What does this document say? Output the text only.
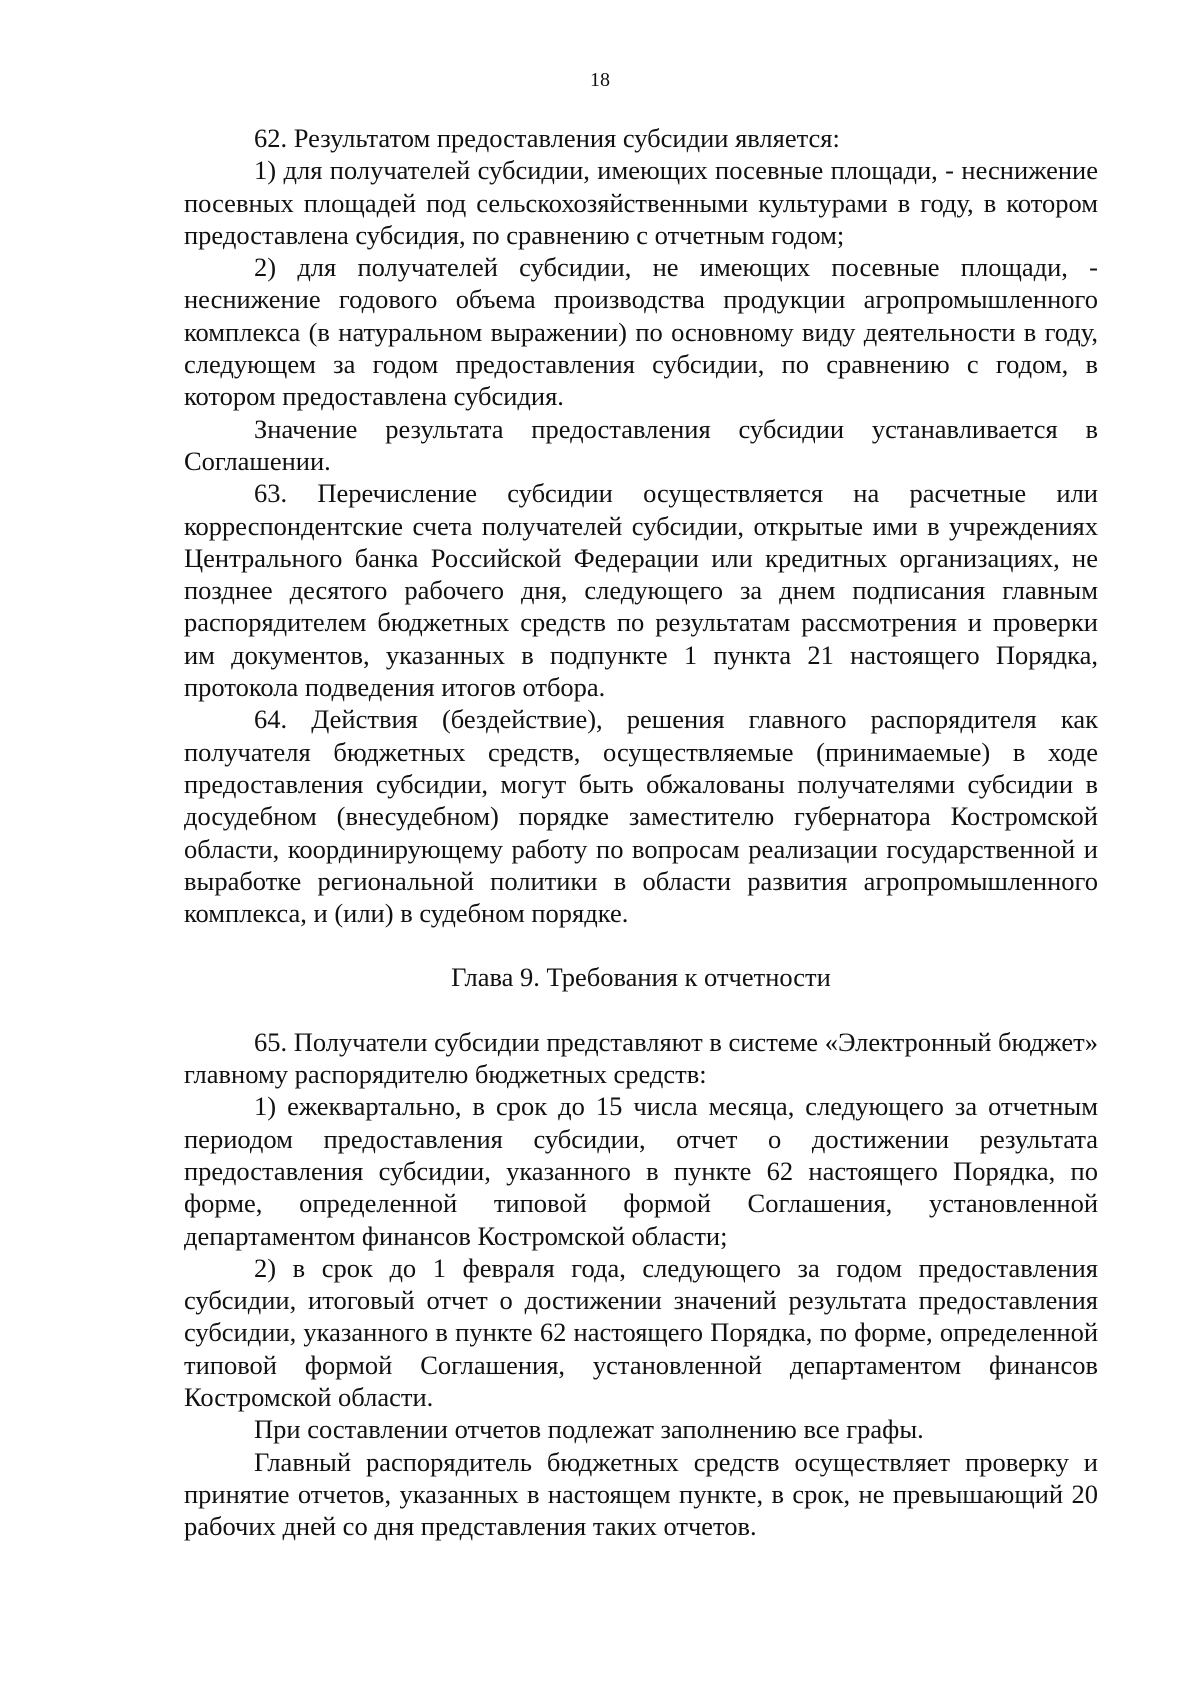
18

62. Результатом предоставления субсидии является:

1) для получателей субсидии, имеющих посевные площади, - неснижение посевных площадей под сельскохозяйственными культурами в году, в котором предоставлена субсидия, по сравнению с отчетным годом;

2) для получателей субсидии, не имеющих посевные площади, - неснижение годового объема производства продукции агропромышленного комплекса (в натуральном выражении) по основному виду деятельности в году, следующем за годом предоставления субсидии, по сравнению с годом, в котором предоставлена субсидия.

Значение результата предоставления субсидии устанавливается в Соглашении.

63. Перечисление субсидии осуществляется на расчетные или корреспондентские счета получателей субсидии, открытые ими в учреждениях Центрального банка Российской Федерации или кредитных организациях, не позднее десятого рабочего дня, следующего за днем подписания главным распорядителем бюджетных средств по результатам рассмотрения и проверки им документов, указанных в подпункте 1 пункта 21 настоящего Порядка, протокола подведения итогов отбора.

64. Действия (бездействие), решения главного распорядителя как получателя бюджетных средств, осуществляемые (принимаемые) в ходе предоставления субсидии, могут быть обжалованы получателями субсидии в досудебном (внесудебном) порядке заместителю губернатора Костромской области, координирующему работу по вопросам реализации государственной и выработке региональной политики в области развития агропромышленного комплекса, и (или) в судебном порядке.

Глава 9. Требования к отчетности

65. Получатели субсидии представляют в системе «Электронный бюджет» главному распорядителю бюджетных средств:

1) ежеквартально, в срок до 15 числа месяца, следующего за отчетным периодом предоставления субсидии, отчет о достижении результата предоставления субсидии, указанного в пункте 62 настоящего Порядка, по форме, определенной типовой формой Соглашения, установленной департаментом финансов Костромской области;

2) в срок до 1 февраля года, следующего за годом предоставления субсидии, итоговый отчет о достижении значений результата предоставления субсидии, указанного в пункте 62 настоящего Порядка, по форме, определенной типовой формой Соглашения, установленной департаментом финансов Костромской области.

При составлении отчетов подлежат заполнению все графы.

Главный распорядитель бюджетных средств осуществляет проверку и принятие отчетов, указанных в настоящем пункте, в срок, не превышающий 20 рабочих дней со дня представления таких отчетов.
